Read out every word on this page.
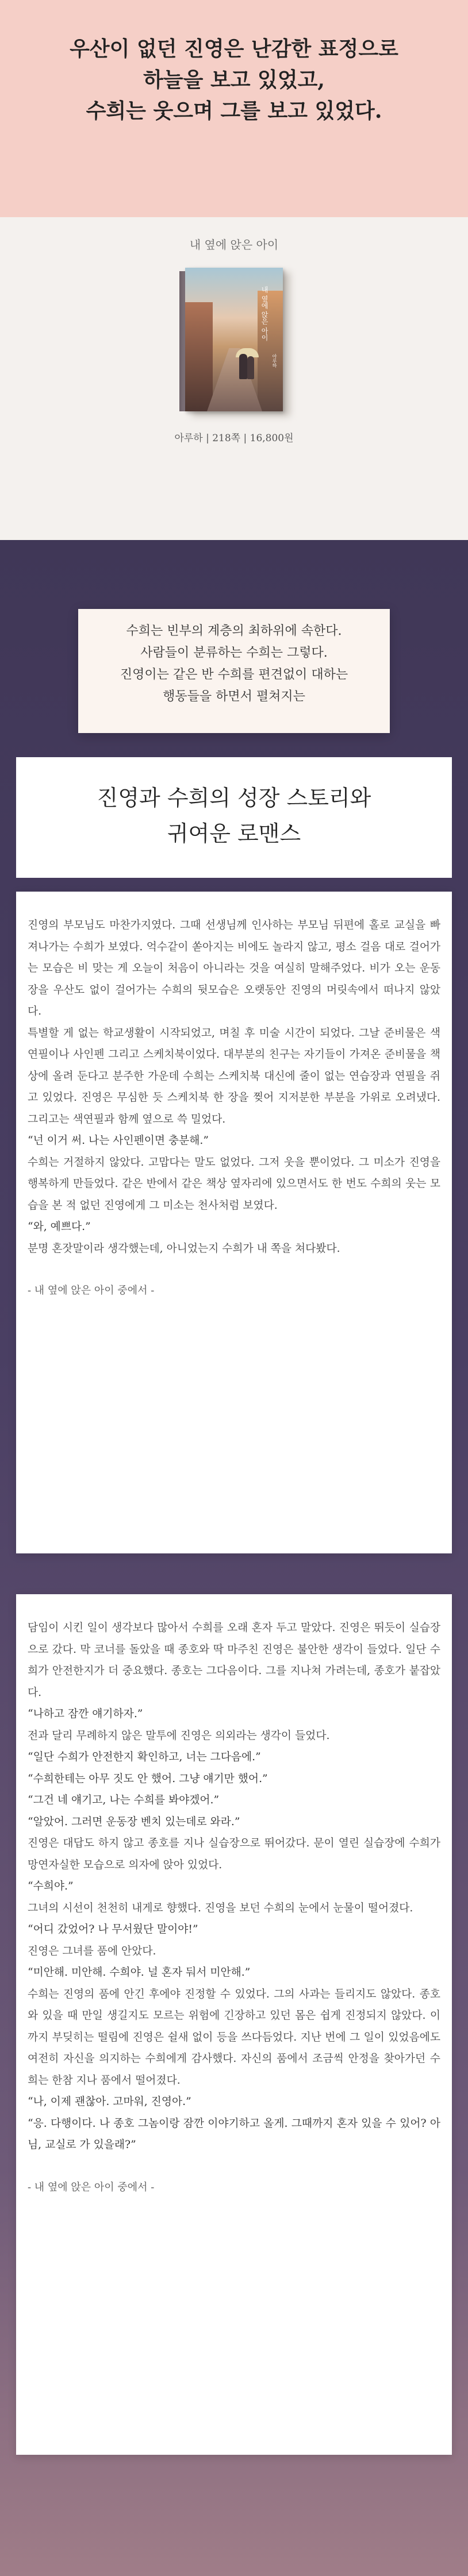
우산이 없던 진영은 난감한 표정으로
하늘을 보고 있었고,
수희는 웃으며 그를 보고 있었다.
내 옆에 앉은 아이
내 옆에 앉은 아이
아루하
아루하 | 218쪽 | 16,800원
수희는 빈부의 계층의 최하위에 속한다.
사람들이 분류하는 수희는 그렇다.
진영이는 같은 반 수희를 편견없이 대하는
행동들을 하면서 펼쳐지는
진영과 수희의 성장 스토리와
귀여운 로맨스

진영의 부모님도 마찬가지였다. 그때 선생님께 인사하는 부모님 뒤편에 홀로 교실을 빠져나가는 수희가 보였다. 억수같이 쏟아지는 비에도 놀라지 않고, 평소 걸음 대로 걸어가는 모습은 비 맞는 게 오늘이 처음이 아니라는 것을 여실히 말해주었다. 비가 오는 운동장을 우산도 없이 걸어가는 수희의 뒷모습은 오랫동안 진영의 머릿속에서 떠나지 않았다.

특별할 게 없는 학교생활이 시작되었고, 며칠 후 미술 시간이 되었다. 그날 준비물은 색연필이나 사인펜 그리고 스케치북이었다. 대부분의 친구는 자기들이 가져온 준비물을 책상에 올려 둔다고 분주한 가운데 수희는 스케치북 대신에 줄이 없는 연습장과 연필을 쥐고 있었다. 진영은 무심한 듯 스케치북 한 장을 찢어 지저분한 부분을 가위로 오려냈다. 그리고는 색연필과 함께 옆으로 쓱 밀었다.

“넌 이거 써. 나는 사인펜이면 충분해.”

수희는 거절하지 않았다. 고맙다는 말도 없었다. 그저 웃을 뿐이었다. 그 미소가 진영을 행복하게 만들었다. 같은 반에서 같은 책상 옆자리에 있으면서도 한 번도 수희의 웃는 모습을 본 적 없던 진영에게 그 미소는 천사처럼 보였다.

“와, 예쁘다.”

분명 혼잣말이라 생각했는데, 아니었는지 수희가 내 쪽을 쳐다봤다.

- 내 옆에 앉은 아이 중에서 -

담임이 시킨 일이 생각보다 많아서 수희를 오래 혼자 두고 말았다. 진영은 뛰듯이 실습장으로 갔다. 막 코너를 돌았을 때 종호와 딱 마주친 진영은 불안한 생각이 들었다. 일단 수희가 안전한지가 더 중요했다. 종호는 그다음이다. 그를 지나쳐 가려는데, 종호가 붙잡았다.

“나하고 잠깐 얘기하자.”

전과 달리 무례하지 않은 말투에 진영은 의외라는 생각이 들었다.

“일단 수희가 안전한지 확인하고, 너는 그다음에.”

“수희한테는 아무 짓도 안 했어. 그냥 얘기만 했어.”

“그건 네 얘기고, 나는 수희를 봐야겠어.”

“알았어. 그러면 운동장 벤치 있는데로 와라.”

진영은 대답도 하지 않고 종호를 지나 실습장으로 뛰어갔다. 문이 열린 실습장에 수희가 망연자실한 모습으로 의자에 앉아 있었다.

“수희야.”

그녀의 시선이 천천히 내게로 향했다. 진영을 보던 수희의 눈에서 눈물이 떨어졌다.

“어디 갔었어? 나 무서웠단 말이야!”

진영은 그녀를 품에 안았다.

“미안해. 미안해. 수희야. 널 혼자 둬서 미안해.”

수희는 진영의 품에 안긴 후에야 진정할 수 있었다. 그의 사과는 들리지도 않았다. 종호와 있을 때 만일 생길지도 모르는 위험에 긴장하고 있던 몸은 쉽게 진정되지 않았다. 이까지 부딪히는 떨림에 진영은 쉴새 없이 등을 쓰다듬었다. 지난 번에 그 일이 있었음에도 여전히 자신을 의지하는 수희에게 감사했다. 자신의 품에서 조금씩 안정을 찾아가던 수희는 한참 지나 품에서 떨어졌다.

“나, 이제 괜찮아. 고마워, 진영아.”

“응. 다행이다. 나 종호 그놈이랑 잠깐 이야기하고 올게. 그때까지 혼자 있을 수 있어? 아님, 교실로 가 있을래?”

- 내 옆에 앉은 아이 중에서 -
